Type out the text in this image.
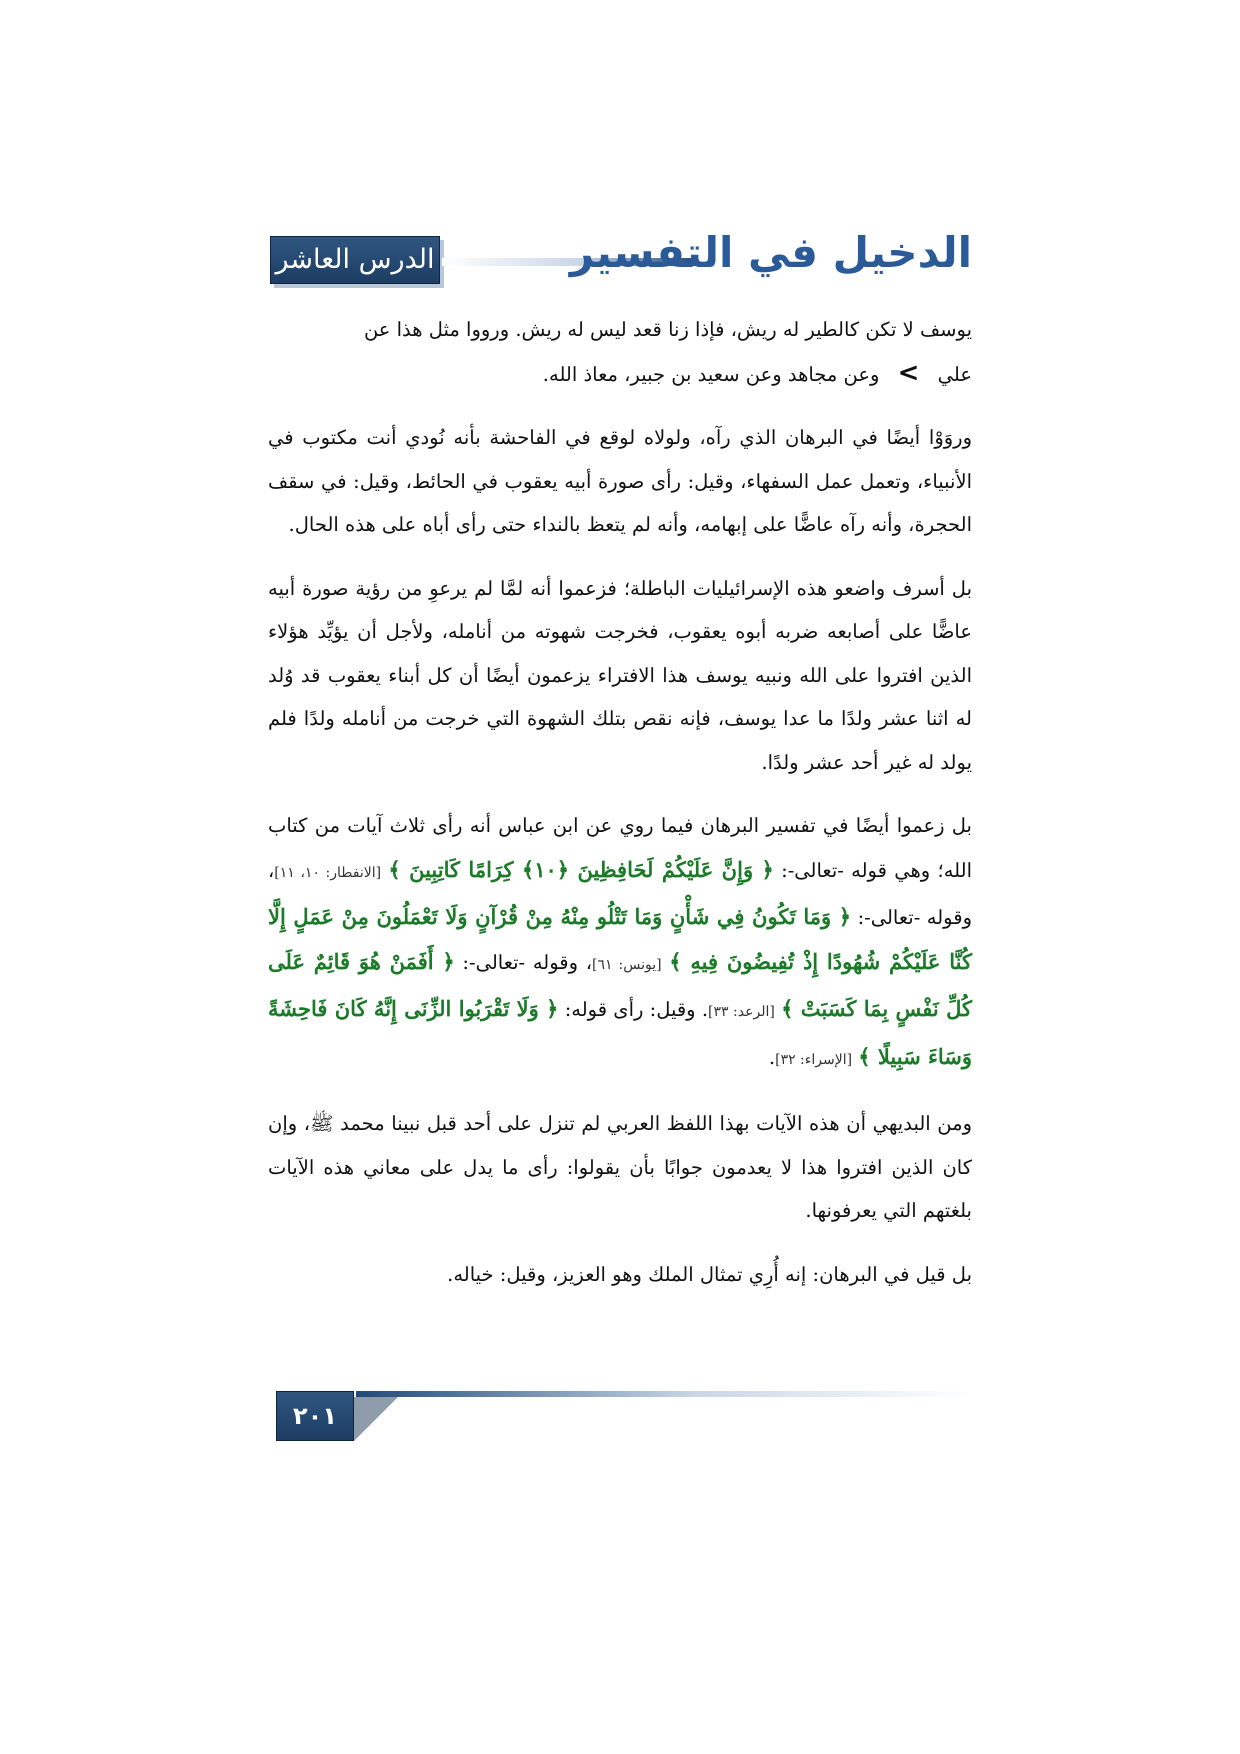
الدرس العاشر	الدخيل في التفسير

يوسف لا تكن كالطير له ريش، فإذا زنا قعد ليس له ريش. ورووا مثل هذا عن
علي > وعن مجاهد وعن سعيد بن جبير، معاذ الله.

وروَوْا أيضًا في البرهان الذي رآه، ولولاه لوقع في الفاحشة بأنه نُودي أنت مكتوب في الأنبياء، وتعمل عمل السفهاء، وقيل: رأى صورة أبيه يعقوب في الحائط، وقيل: في سقف الحجرة، وأنه رآه عاضًّا على إبهامه، وأنه لم يتعظ بالنداء حتى رأى أباه على هذه الحال.

بل أسرف واضعو هذه الإسرائيليات الباطلة؛ فزعموا أنه لمَّا لم يرعوِ من رؤية صورة أبيه عاضًّا على أصابعه ضربه أبوه يعقوب، فخرجت شهوته من أنامله، ولأجل أن يؤيِّد هؤلاء الذين افتروا على الله ونبيه يوسف هذا الافتراء يزعمون أيضًا أن كل أبناء يعقوب قد وُلد له اثنا عشر ولدًا ما عدا يوسف، فإنه نقص بتلك الشهوة التي خرجت من أنامله ولدًا فلم يولد له غير أحد عشر ولدًا.

بل زعموا أيضًا في تفسير البرهان فيما روي عن ابن عباس أنه رأى ثلاث آيات من كتاب الله؛ وهي قوله -تعالى-: ﴿ وَإِنَّ عَلَيْكُمْ لَحَافِظِينَ ﴿١٠﴾ كِرَامًا كَاتِبِينَ ﴾ [الانفطار: ١٠، ١١]، وقوله -تعالى-: ﴿ وَمَا تَكُونُ فِي شَأْنٍ وَمَا تَتْلُو مِنْهُ مِنْ قُرْآنٍ وَلَا تَعْمَلُونَ مِنْ عَمَلٍ إِلَّا كُنَّا عَلَيْكُمْ شُهُودًا إِذْ تُفِيضُونَ فِيهِ ﴾ [يونس: ٦١]، وقوله -تعالى-: ﴿ أَفَمَنْ هُوَ قَائِمٌ عَلَى كُلِّ نَفْسٍ بِمَا كَسَبَتْ ﴾ [الرعد: ٣٣]. وقيل: رأى قوله: ﴿ وَلَا تَقْرَبُوا الزِّنَى إِنَّهُ كَانَ فَاحِشَةً وَسَاءَ سَبِيلًا ﴾ [الإسراء: ٣٢].

ومن البديهي أن هذه الآيات بهذا اللفظ العربي لم تنزل على أحد قبل نبينا محمد ﷺ، وإن كان الذين افتروا هذا لا يعدمون جوابًا بأن يقولوا: رأى ما يدل على معاني هذه الآيات بلغتهم التي يعرفونها.

بل قيل في البرهان: إنه أُرِي تمثال الملك وهو العزيز، وقيل: خياله.

٢٠١
